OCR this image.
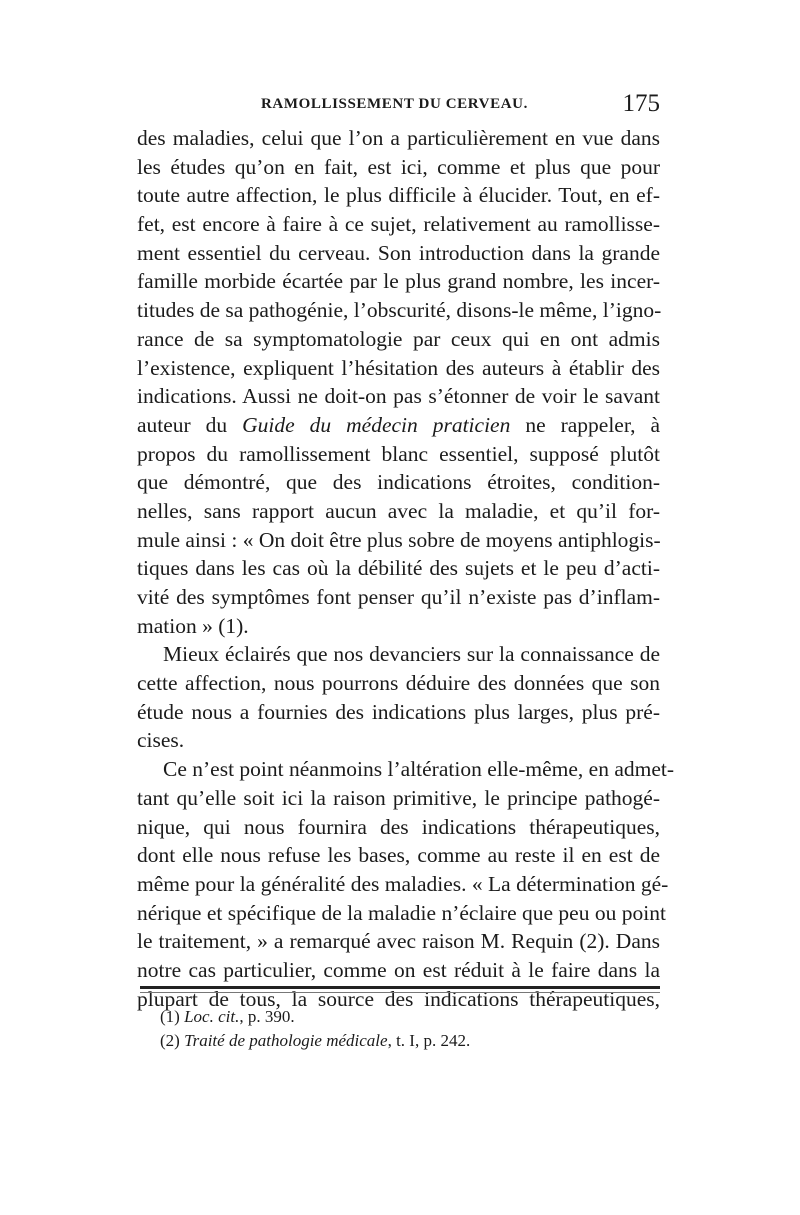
RAMOLLISSEMENT DU CERVEAU.	175
des maladies, celui que l’on a particulièrement en vue dans
les études qu’on en fait, est ici, comme et plus que pour
toute autre affection, le plus difficile à élucider. Tout, en ef-
fet, est encore à faire à ce sujet, relativement au ramollisse-
ment essentiel du cerveau. Son introduction dans la grande
famille morbide écartée par le plus grand nombre, les incer-
titudes de sa pathogénie, l’obscurité, disons-le même, l’igno-
rance de sa symptomatologie par ceux qui en ont admis
l’existence, expliquent l’hésitation des auteurs à établir des
indications. Aussi ne doit-on pas s’étonner de voir le savant
auteur du Guide du médecin praticien ne rappeler, à
propos du ramollissement blanc essentiel, supposé plutôt
que démontré, que des indications étroites, condition-
nelles, sans rapport aucun avec la maladie, et qu’il for-
mule ainsi : « On doit être plus sobre de moyens antiphlogis-
tiques dans les cas où la débilité des sujets et le peu d’acti-
vité des symptômes font penser qu’il n’existe pas d’inflam-
mation » (1).
Mieux éclairés que nos devanciers sur la connaissance de
cette affection, nous pourrons déduire des données que son
étude nous a fournies des indications plus larges, plus pré-
cises.
Ce n’est point néanmoins l’altération elle-même, en admet-
tant qu’elle soit ici la raison primitive, le principe pathogé-
nique, qui nous fournira des indications thérapeutiques,
dont elle nous refuse les bases, comme au reste il en est de
même pour la généralité des maladies. « La détermination gé-
nérique et spécifique de la maladie n’éclaire que peu ou point
le traitement, » a remarqué avec raison M. Requin (2). Dans
notre cas particulier, comme on est réduit à le faire dans la
plupart de tous, la source des indications thérapeutiques,
(1) Loc. cit., p. 390.
(2) Traité de pathologie médicale, t. I, p. 242.
